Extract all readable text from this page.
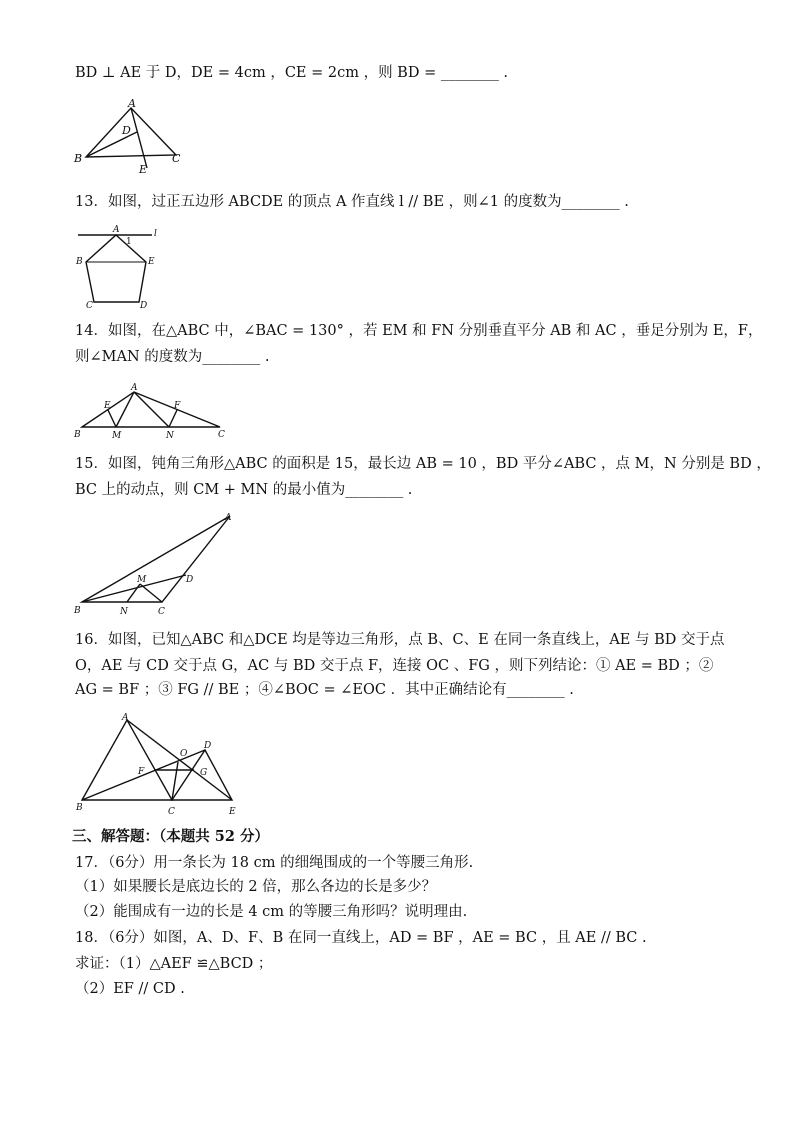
BD ⊥ AE 于 D，DE = 4cm ，CE = 2cm ，则 BD = ________ .
A
D
B	C
E
13．如图，过正五边形 ABCDE 的顶点 A 作直线 l // BE ，则∠1 的度数为________ .
A	l
1
B	E
C	D
14．如图，在△ABC 中，∠BAC = 130° ，若 EM 和 FN 分别垂直平分 AB 和 AC ，垂足分别为 E，F，
则∠MAN 的度数为________ .
A
E	F
B	M	N	C
15．如图，钝角三角形△ABC 的面积是 15，最长边 AB = 10 ，BD 平分∠ABC ，点 M，N 分别是 BD ，
BC 上的动点，则 CM + MN 的最小值为________ .
A
D
M
B	N	C
16．如图，已知△ABC 和△DCE 均是等边三角形，点 B、C、E 在同一条直线上，AE 与 BD 交于点
O，AE 与 CD 交于点 G，AC 与 BD 交于点 F，连接 OC 、FG ，则下列结论：① AE = BD ；②
AG = BF ；③ FG // BE ；④∠BOC = ∠EOC ．其中正确结论有________ .
A
O
D
F	G
B	C	E
三、解答题：（本题共 52 分）
17．（6分）用一条长为 18 cm 的细绳围成的一个等腰三角形.
（1）如果腰长是底边长的 2 倍，那么各边的长是多少？
（2）能围成有一边的长是 4 cm 的等腰三角形吗？说明理由.
18．（6分）如图，A、D、F、B 在同一直线上，AD = BF ，AE = BC ，且 AE // BC .
求证：（1）△AEF ≌△BCD ；
（2）EF // CD .
